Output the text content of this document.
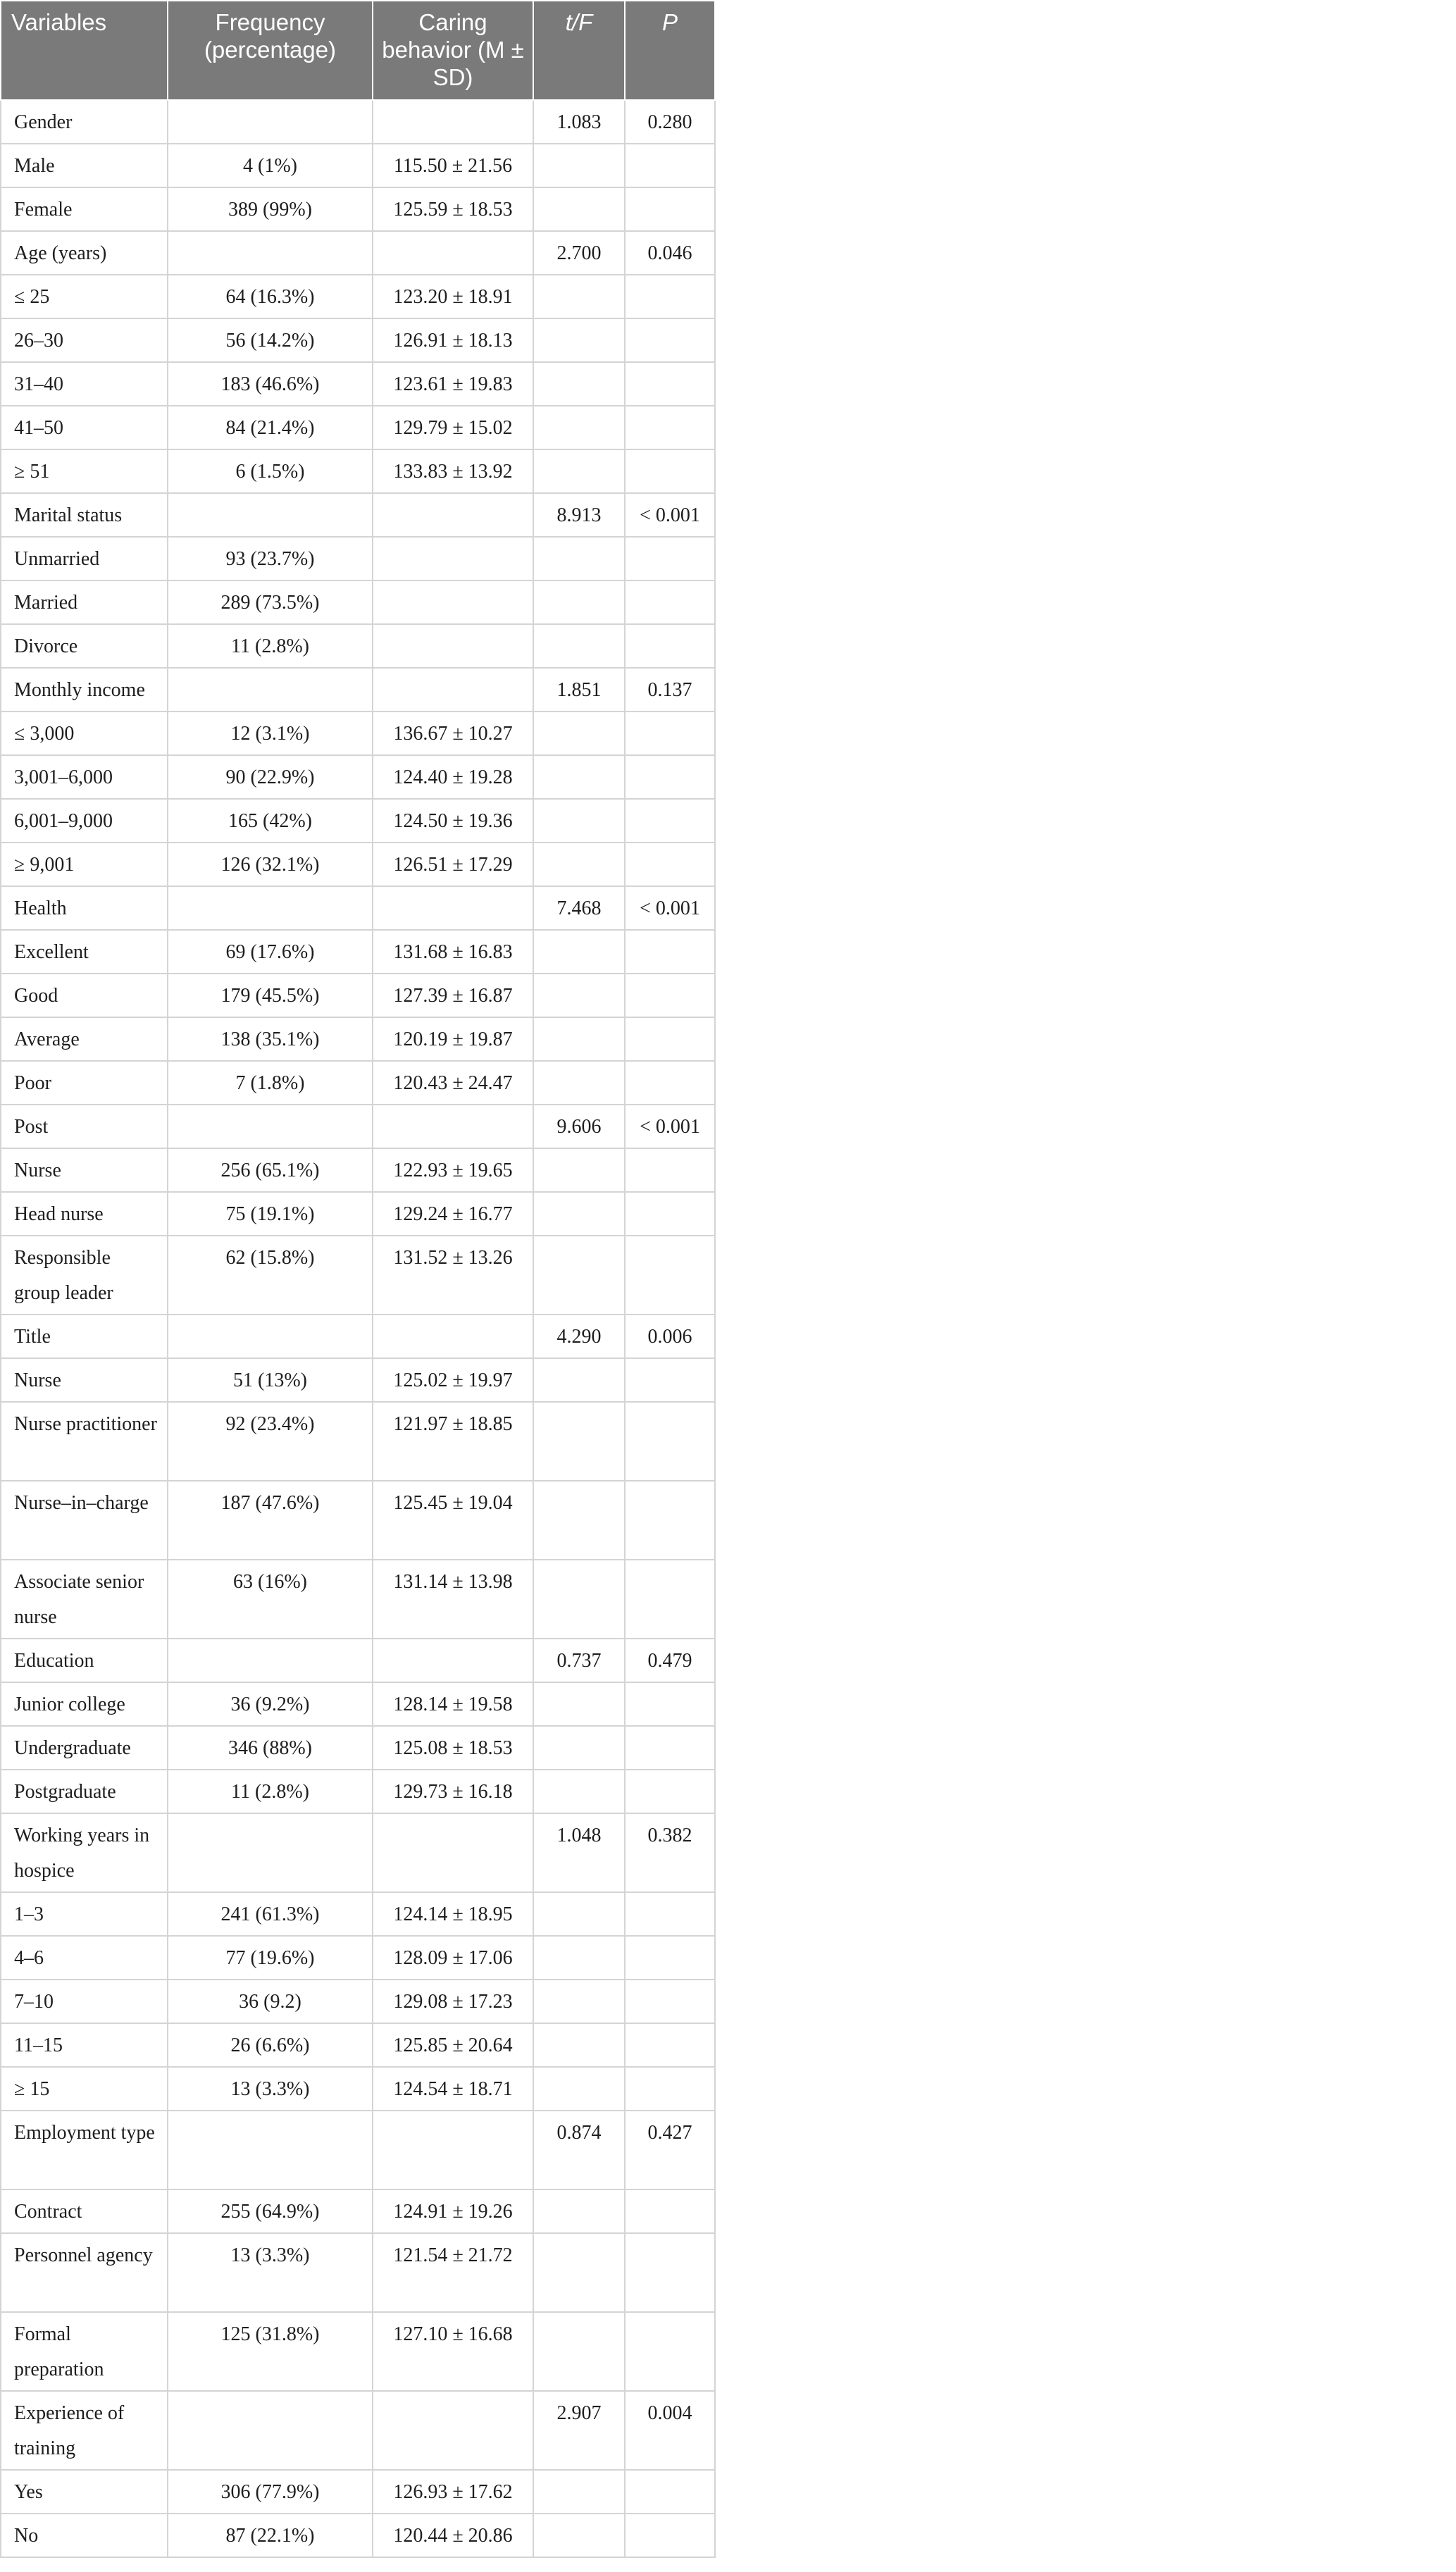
Variables	Frequency (percentage)	Caring behavior (M ± SD)	t/F	P
Gender			1.083	0.280
Male	4 (1%)	115.50 ± 21.56		
Female	389 (99%)	125.59 ± 18.53		
Age (years)			2.700	0.046
≤ 25	64 (16.3%)	123.20 ± 18.91		
26–30	56 (14.2%)	126.91 ± 18.13		
31–40	183 (46.6%)	123.61 ± 19.83		
41–50	84 (21.4%)	129.79 ± 15.02		
≥ 51	6 (1.5%)	133.83 ± 13.92		
Marital status			8.913	< 0.001
Unmarried	93 (23.7%)			
Married	289 (73.5%)			
Divorce	11 (2.8%)			
Monthly income			1.851	0.137
≤ 3,000	12 (3.1%)	136.67 ± 10.27		
3,001–6,000	90 (22.9%)	124.40 ± 19.28		
6,001–9,000	165 (42%)	124.50 ± 19.36		
≥ 9,001	126 (32.1%)	126.51 ± 17.29		
Health			7.468	< 0.001
Excellent	69 (17.6%)	131.68 ± 16.83		
Good	179 (45.5%)	127.39 ± 16.87		
Average	138 (35.1%)	120.19 ± 19.87		
Poor	7 (1.8%)	120.43 ± 24.47		
Post			9.606	< 0.001
Nurse	256 (65.1%)	122.93 ± 19.65		
Head nurse	75 (19.1%)	129.24 ± 16.77		
Responsible group leader	62 (15.8%)	131.52 ± 13.26		
Title			4.290	0.006
Nurse	51 (13%)	125.02 ± 19.97		
Nurse practitioner	92 (23.4%)	121.97 ± 18.85		
Nurse–in–charge	187 (47.6%)	125.45 ± 19.04		
Associate senior nurse	63 (16%)	131.14 ± 13.98		
Education			0.737	0.479
Junior college	36 (9.2%)	128.14 ± 19.58		
Undergraduate	346 (88%)	125.08 ± 18.53		
Postgraduate	11 (2.8%)	129.73 ± 16.18		
Working years in hospice			1.048	0.382
1–3	241 (61.3%)	124.14 ± 18.95		
4–6	77 (19.6%)	128.09 ± 17.06		
7–10	36 (9.2)	129.08 ± 17.23		
11–15	26 (6.6%)	125.85 ± 20.64		
≥ 15	13 (3.3%)	124.54 ± 18.71		
Employment type			0.874	0.427
Contract	255 (64.9%)	124.91 ± 19.26		
Personnel agency	13 (3.3%)	121.54 ± 21.72		
Formal preparation	125 (31.8%)	127.10 ± 16.68		
Experience of training			2.907	0.004
Yes	306 (77.9%)	126.93 ± 17.62		
No	87 (22.1%)	120.44 ± 20.86		
